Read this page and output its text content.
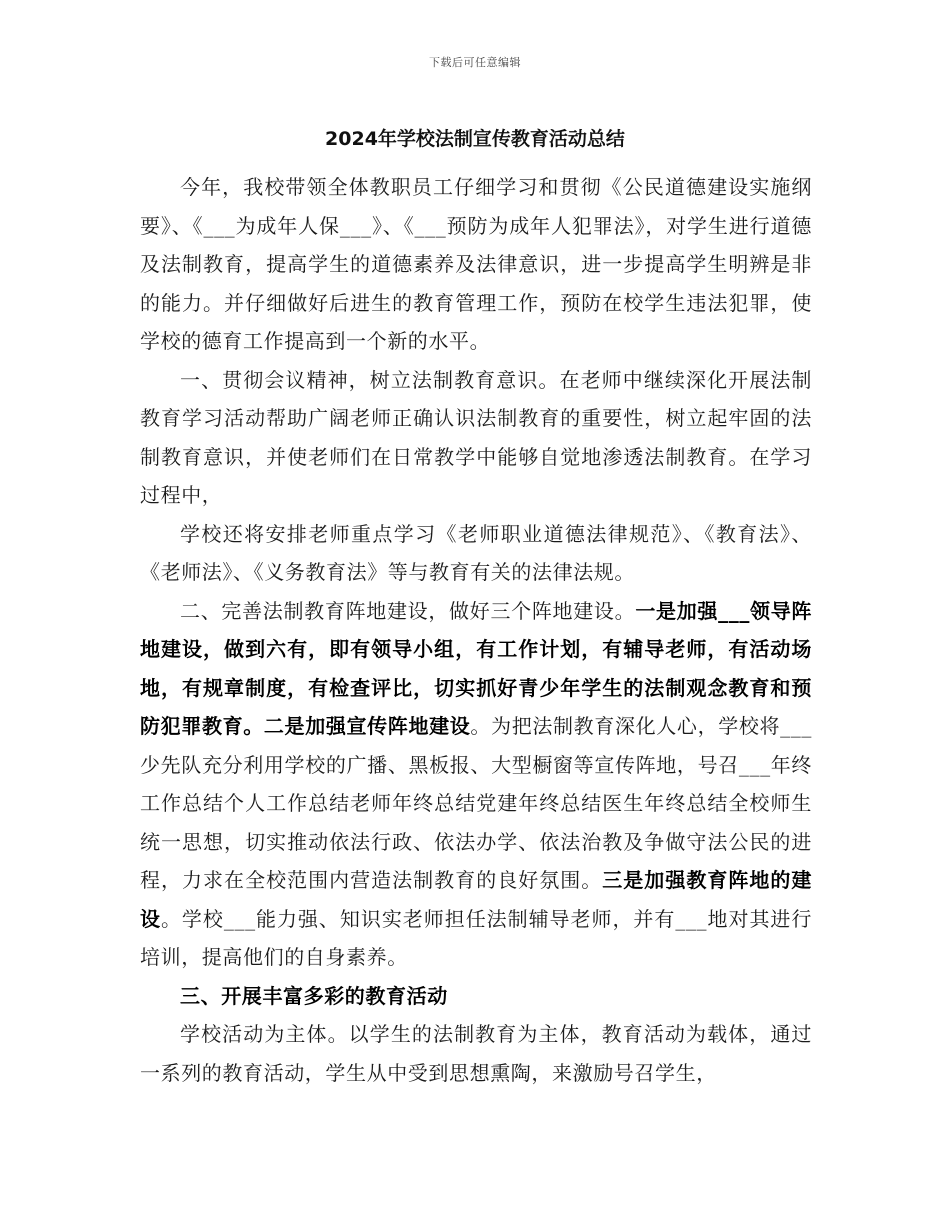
下载后可任意编辑
2024年学校法制宣传教育活动总结

今年，我校带领全体教职员工仔细学习和贯彻《公民道德建设实施纲要》、《___为成年人保___》、《___预防为成年人犯罪法》，对学生进行道德及法制教育，提高学生的道德素养及法律意识，进一步提高学生明辨是非的能力。并仔细做好后进生的教育管理工作，预防在校学生违法犯罪，使学校的德育工作提高到一个新的水平。

一、贯彻会议精神，树立法制教育意识。在老师中继续深化开展法制教育学习活动帮助广阔老师正确认识法制教育的重要性，树立起牢固的法制教育意识，并使老师们在日常教学中能够自觉地渗透法制教育。在学习过程中，

学校还将安排老师重点学习《老师职业道德法律规范》、《教育法》、《老师法》、《义务教育法》等与教育有关的法律法规。

二、完善法制教育阵地建设，做好三个阵地建设。一是加强___领导阵地建设，做到六有，即有领导小组，有工作计划，有辅导老师，有活动场地，有规章制度，有检查评比，切实抓好青少年学生的法制观念教育和预防犯罪教育。二是加强宣传阵地建设。为把法制教育深化人心，学校将___少先队充分利用学校的广播、黑板报、大型橱窗等宣传阵地，号召___年终工作总结个人工作总结老师年终总结党建年终总结医生年终总结全校师生统一思想，切实推动依法行政、依法办学、依法治教及争做守法公民的进程，力求在全校范围内营造法制教育的良好氛围。三是加强教育阵地的建设。学校___能力强、知识实老师担任法制辅导老师，并有___地对其进行培训，提高他们的自身素养。

三、开展丰富多彩的教育活动

学校活动为主体。以学生的法制教育为主体，教育活动为载体，通过一系列的教育活动，学生从中受到思想熏陶，来激励号召学生，
